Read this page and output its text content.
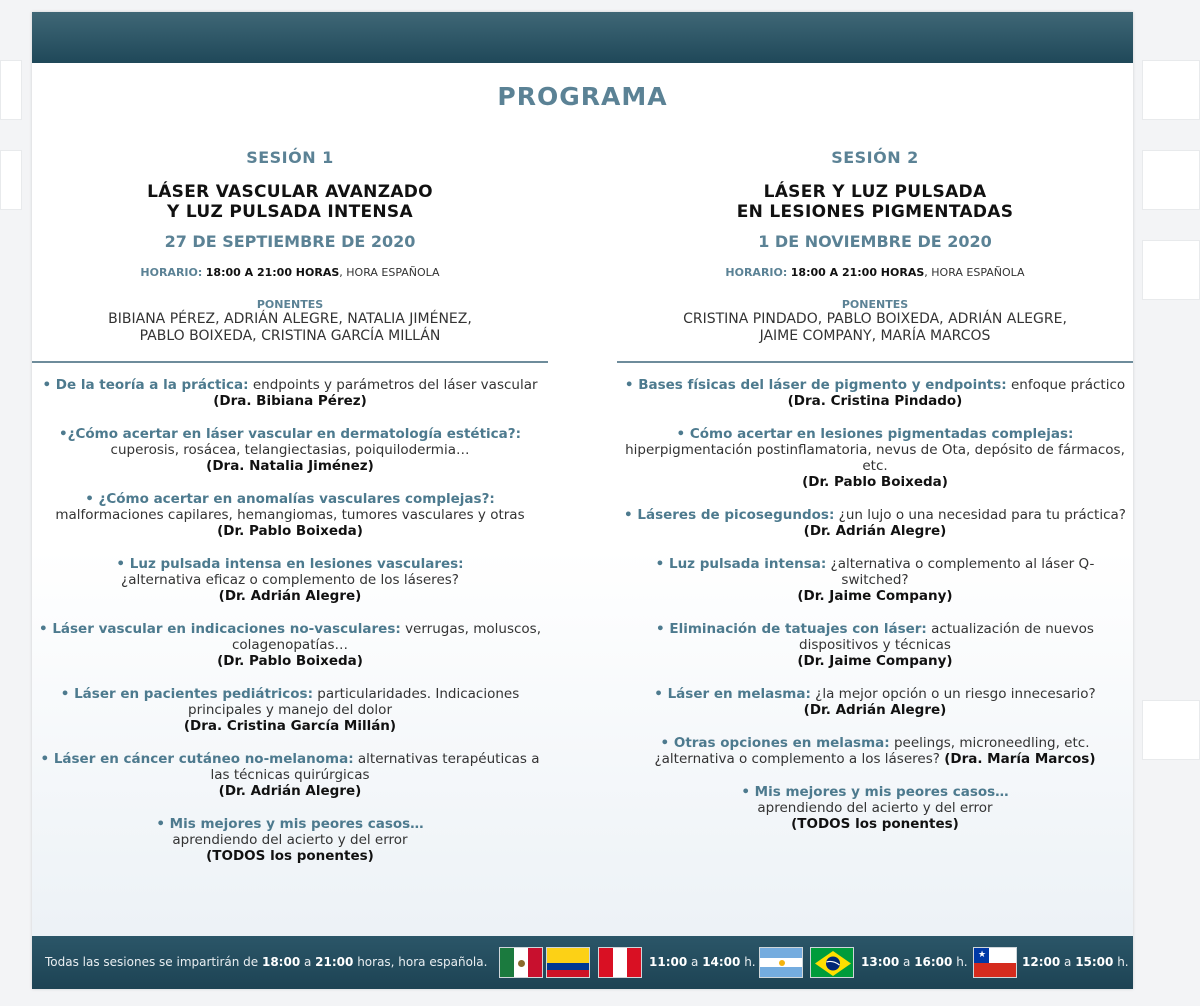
PROGRAMA
SESIÓN 1
LÁSER VASCULAR AVANZADO
Y LUZ PULSADA INTENSA
27 DE SEPTIEMBRE DE 2020
HORARIO: 18:00 A 21:00 HORAS, HORA ESPAÑOLA
PONENTES
BIBIANA PÉREZ, ADRIÁN ALEGRE, NATALIA JIMÉNEZ,
PABLO BOIXEDA, CRISTINA GARCÍA MILLÁN
• De la teoría a la práctica: endpoints y parámetros del láser vascular
(Dra. Bibiana Pérez)
•¿Cómo acertar en láser vascular en dermatología estética?:
cuperosis, rosácea, telangiectasias, poiquilodermia…
(Dra. Natalia Jiménez)
• ¿Cómo acertar en anomalías vasculares complejas?:
malformaciones capilares, hemangiomas, tumores vasculares y otras
(Dr. Pablo Boixeda)
• Luz pulsada intensa en lesiones vasculares:
¿alternativa eficaz o complemento de los láseres?
(Dr. Adrián Alegre)
• Láser vascular en indicaciones no-vasculares: verrugas, moluscos, colagenopatías…
(Dr. Pablo Boixeda)
• Láser en pacientes pediátricos: particularidades. Indicaciones principales y manejo del dolor
(Dra. Cristina García Millán)
• Láser en cáncer cutáneo no-melanoma: alternativas terapéuticas a las técnicas quirúrgicas
(Dr. Adrián Alegre)
• Mis mejores y mis peores casos…
aprendiendo del acierto y del error
(TODOS los ponentes)
SESIÓN 2
LÁSER Y LUZ PULSADA
EN LESIONES PIGMENTADAS
1 DE NOVIEMBRE DE 2020
HORARIO: 18:00 A 21:00 HORAS, HORA ESPAÑOLA
PONENTES
CRISTINA PINDADO, PABLO BOIXEDA, ADRIÁN ALEGRE,
JAIME COMPANY, MARÍA MARCOS
• Bases físicas del láser de pigmento y endpoints: enfoque práctico
(Dra. Cristina Pindado)
• Cómo acertar en lesiones pigmentadas complejas:
hiperpigmentación postinflamatoria, nevus de Ota, depósito de fármacos, etc.
(Dr. Pablo Boixeda)
• Láseres de picosegundos: ¿un lujo o una necesidad para tu práctica?
(Dr. Adrián Alegre)
• Luz pulsada intensa: ¿alternativa o complemento al láser Q-switched?
(Dr. Jaime Company)
• Eliminación de tatuajes con láser: actualización de nuevos dispositivos y técnicas
(Dr. Jaime Company)
• Láser en melasma: ¿la mejor opción o un riesgo innecesario?
(Dr. Adrián Alegre)
• Otras opciones en melasma: peelings, microneedling, etc. ¿alternativa o complemento a los láseres? (Dra. María Marcos)
• Mis mejores y mis peores casos…
aprendiendo del acierto y del error
(TODOS los ponentes)
Todas las sesiones se impartirán de 18:00 a 21:00 horas, hora española.	11:00 a 14:00 h.	13:00 a 16:00 h. ★	12:00 a 15:00 h.
